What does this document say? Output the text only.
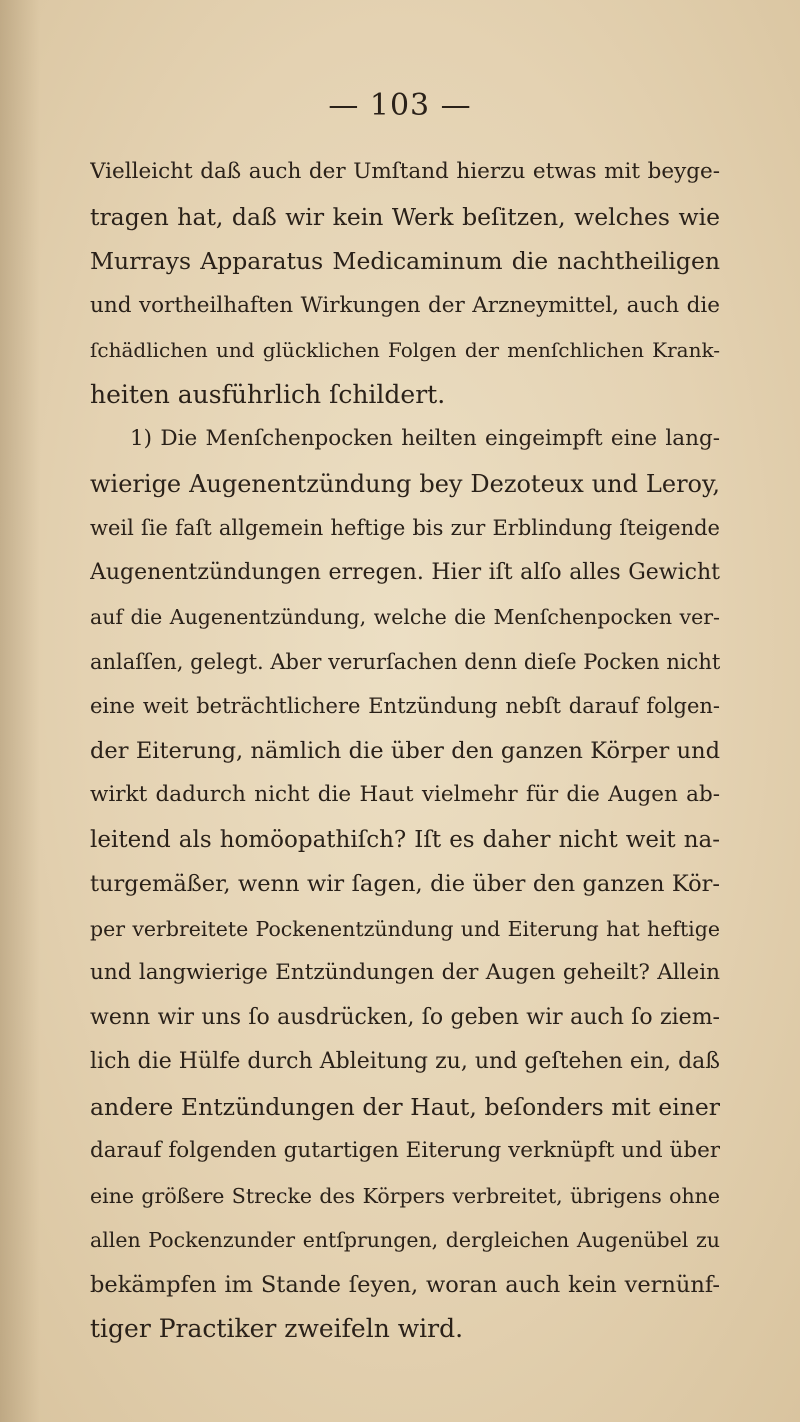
— 103 —
Vielleicht daß auch der Umſtand hierzu etwas mit beyge-
tragen hat, daß wir kein Werk beſitzen, welches wie
Murrays Apparatus Medicaminum die nachtheiligen
und vortheilhaften Wirkungen der Arzneymittel, auch die
ſchädlichen und glücklichen Folgen der menſchlichen Krank-
heiten ausführlich ſchildert.
1) Die Menſchenpocken heilten eingeimpft eine lang-
wierige Augenentzündung bey Dezoteux und Leroy,
weil ſie faſt allgemein heftige bis zur Erblindung ſteigende
Augenentzündungen erregen. Hier iſt alſo alles Gewicht
auf die Augenentzündung, welche die Menſchenpocken ver-
anlaſſen, gelegt. Aber verurſachen denn dieſe Pocken nicht
eine weit beträchtlichere Entzündung nebſt darauf folgen-
der Eiterung, nämlich die über den ganzen Körper und
wirkt dadurch nicht die Haut vielmehr für die Augen ab-
leitend als homöopathiſch? Iſt es daher nicht weit na-
turgemäßer, wenn wir ſagen, die über den ganzen Kör-
per verbreitete Pockenentzündung und Eiterung hat heftige
und langwierige Entzündungen der Augen geheilt? Allein
wenn wir uns ſo ausdrücken, ſo geben wir auch ſo ziem-
lich die Hülfe durch Ableitung zu, und geſtehen ein, daß
andere Entzündungen der Haut, beſonders mit einer
darauf folgenden gutartigen Eiterung verknüpft und über
eine größere Strecke des Körpers verbreitet, übrigens ohne
allen Pockenzunder entſprungen, dergleichen Augenübel zu
bekämpfen im Stande ſeyen, woran auch kein vernünf-
tiger Practiker zweifeln wird.
